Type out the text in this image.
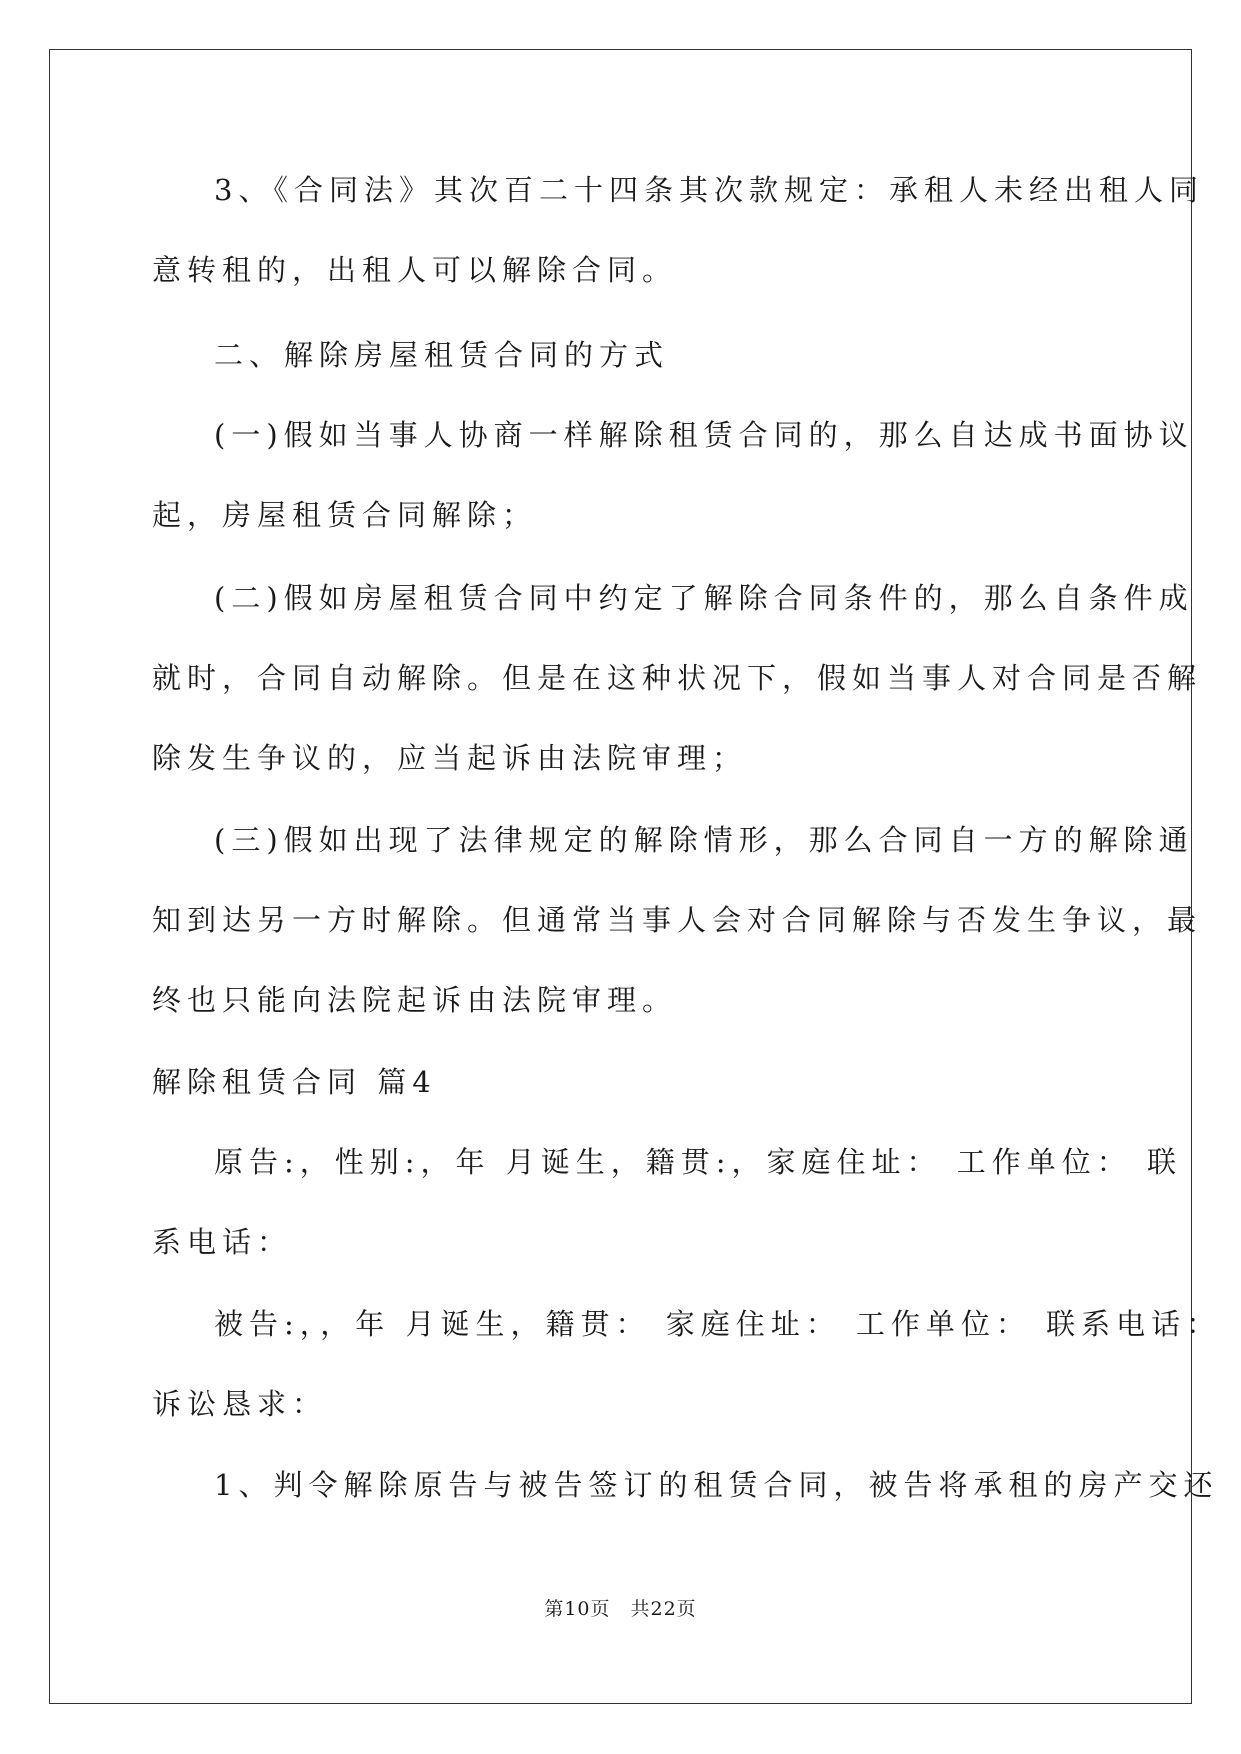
3、《合同法》其次百二十四条其次款规定：承租人未经出租人同
意转租的，出租人可以解除合同。
二、解除房屋租赁合同的方式
(一)假如当事人协商一样解除租赁合同的，那么自达成书面协议
起，房屋租赁合同解除；
(二)假如房屋租赁合同中约定了解除合同条件的，那么自条件成
就时，合同自动解除。但是在这种状况下，假如当事人对合同是否解
除发生争议的，应当起诉由法院审理；
(三)假如出现了法律规定的解除情形，那么合同自一方的解除通
知到达另一方时解除。但通常当事人会对合同解除与否发生争议，最
终也只能向法院起诉由法院审理。
解除租赁合同 篇4
原告:，性别:，年 月诞生，籍贯:，家庭住址： 工作单位： 联
系电话：
被告:，，年 月诞生，籍贯： 家庭住址： 工作单位： 联系电话：
诉讼恳求：
1、判令解除原告与被告签订的租赁合同，被告将承租的房产交还
第10页 共22页
